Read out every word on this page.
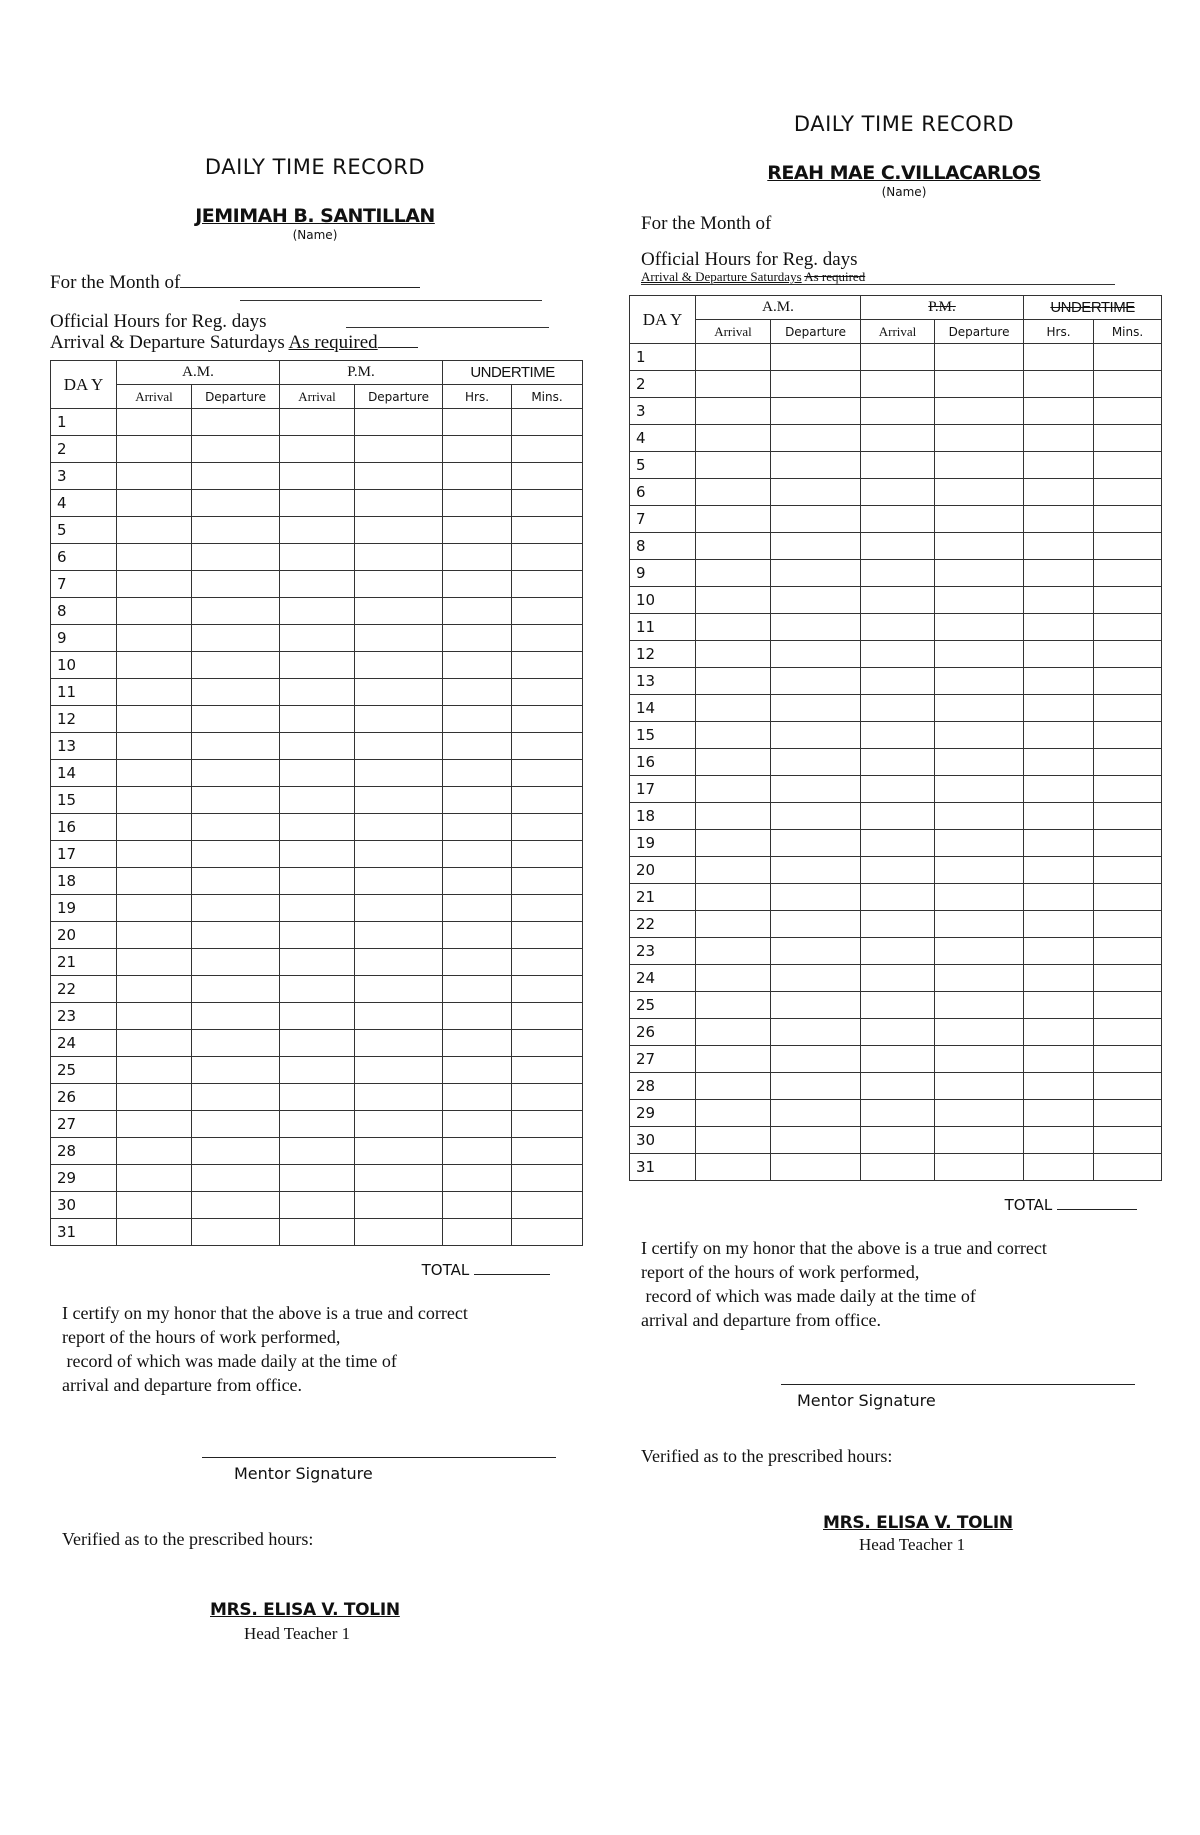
DAILY TIME RECORD
JEMIMAH B. SANTILLAN
(Name)
For the Month of
Official Hours for Reg. days
Arrival & Departure Saturdays As required
DA Y	A.M.		P.M.		UNDERTIME	
	Arrival	Departure	Arrival	Departure	Hrs.	Mins.
1						
2						
3						
4						
5						
6						
7						
8						
9						
10						
11						
12						
13						
14						
15						
16						
17						
18						
19						
20						
21						
22						
23						
24						
25						
26						
27						
28						
29						
30						
31						
TOTAL
I certify on my honor that the above is a true and correct
report of the hours of work performed,
record of which was made daily at the time of
arrival and departure from office.
Mentor Signature
Verified as to the prescribed hours:
MRS. ELISA V. TOLIN
Head Teacher 1
DAILY TIME RECORD
REAH MAE C.VILLACARLOS
(Name)
For the Month of
Official Hours for Reg. days
Arrival & Departure Saturdays As required
DA Y	A.M.		P.M.		UNDERTIME	
	Arrival	Departure	Arrival	Departure	Hrs.	Mins.
1						
2						
3						
4						
5						
6						
7						
8						
9						
10						
11						
12						
13						
14						
15						
16						
17						
18						
19						
20						
21						
22						
23						
24						
25						
26						
27						
28						
29						
30						
31						
TOTAL
I certify on my honor that the above is a true and correct
report of the hours of work performed,
record of which was made daily at the time of
arrival and departure from office.
Mentor Signature
Verified as to the prescribed hours:
MRS. ELISA V. TOLIN
Head Teacher 1
